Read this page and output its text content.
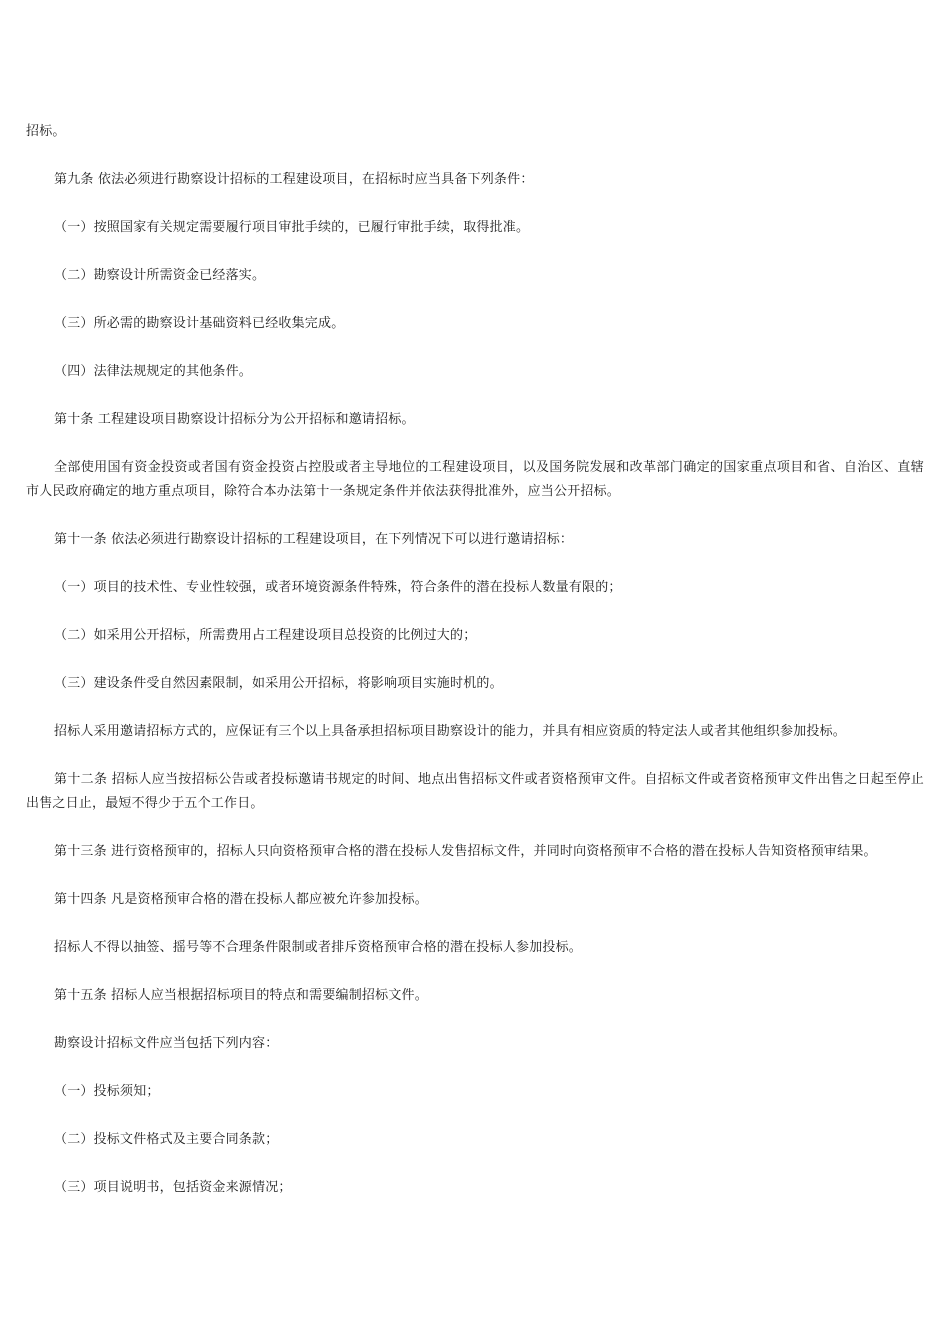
招标。

第九条 依法必须进行勘察设计招标的工程建设项目，在招标时应当具备下列条件：

（一）按照国家有关规定需要履行项目审批手续的，已履行审批手续，取得批准。

（二）勘察设计所需资金已经落实。

（三）所必需的勘察设计基础资料已经收集完成。

（四）法律法规规定的其他条件。

第十条 工程建设项目勘察设计招标分为公开招标和邀请招标。

全部使用国有资金投资或者国有资金投资占控股或者主导地位的工程建设项目，以及国务院发展和改革部门确定的国家重点项目和省、自治区、直辖市人民政府确定的地方重点项目，除符合本办法第十一条规定条件并依法获得批准外，应当公开招标。

第十一条 依法必须进行勘察设计招标的工程建设项目，在下列情况下可以进行邀请招标：

（一）项目的技术性、专业性较强，或者环境资源条件特殊，符合条件的潜在投标人数量有限的；

（二）如采用公开招标，所需费用占工程建设项目总投资的比例过大的；

（三）建设条件受自然因素限制，如采用公开招标，将影响项目实施时机的。

招标人采用邀请招标方式的，应保证有三个以上具备承担招标项目勘察设计的能力，并具有相应资质的特定法人或者其他组织参加投标。

第十二条 招标人应当按招标公告或者投标邀请书规定的时间、地点出售招标文件或者资格预审文件。自招标文件或者资格预审文件出售之日起至停止出售之日止，最短不得少于五个工作日。

第十三条 进行资格预审的，招标人只向资格预审合格的潜在投标人发售招标文件，并同时向资格预审不合格的潜在投标人告知资格预审结果。

第十四条 凡是资格预审合格的潜在投标人都应被允许参加投标。

招标人不得以抽签、摇号等不合理条件限制或者排斥资格预审合格的潜在投标人参加投标。

第十五条 招标人应当根据招标项目的特点和需要编制招标文件。

勘察设计招标文件应当包括下列内容：

（一）投标须知；

（二）投标文件格式及主要合同条款；

（三）项目说明书，包括资金来源情况；
